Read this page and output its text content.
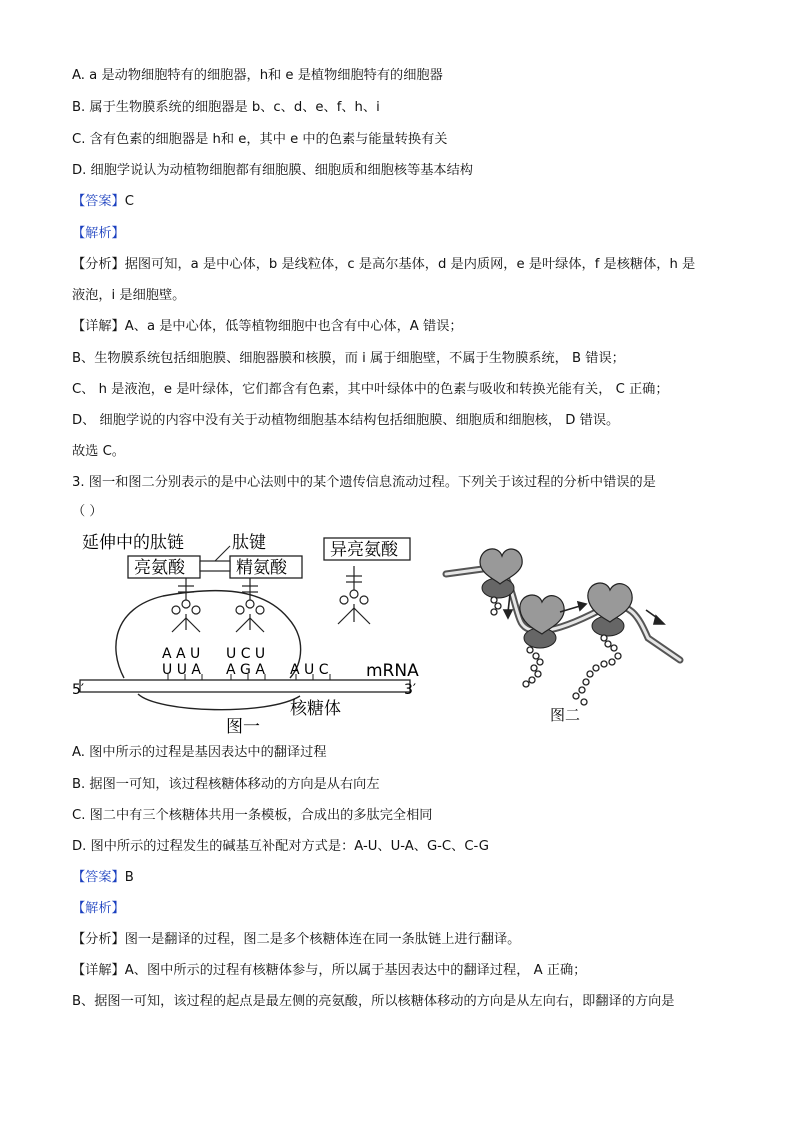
A. a 是动物细胞特有的细胞器，h和 e 是植物细胞特有的细胞器
B. 属于生物膜系统的细胞器是 b、c、d、e、f、h、i
C. 含有色素的细胞器是 h和 e，其中 e 中的色素与能量转换有关
D. 细胞学说认为动植物细胞都有细胞膜、细胞质和细胞核等基本结构
【答案】C
【解析】
【分析】据图可知，a 是中心体，b 是线粒体，c 是高尔基体，d 是内质网，e 是叶绿体，f 是核糖体，h 是
液泡，i 是细胞壁。
【详解】A、a 是中心体，低等植物细胞中也含有中心体，A 错误；
B、生物膜系统包括细胞膜、细胞器膜和核膜，而 i 属于细胞壁，不属于生物膜系统， B 错误；
C、 h 是液泡，e 是叶绿体，它们都含有色素，其中叶绿体中的色素与吸收和转换光能有关， C 正确；
D、 细胞学说的内容中没有关于动植物细胞基本结构包括细胞膜、细胞质和细胞核， D 错误。
故选 C。
3. 图一和图二分别表示的是中心法则中的某个遗传信息流动过程。下列关于该过程的分析中错误的是
（ ）
延伸中的肽链	肽键
亮氨酸	精氨酸
异亮氨酸
A A U U C U
U U A A G A A U C mRNA
5′	3′
核糖体
图一
图二
A. 图中所示的过程是基因表达中的翻译过程
B. 据图一可知，该过程核糖体移动的方向是从右向左
C. 图二中有三个核糖体共用一条模板，合成出的多肽完全相同
D. 图中所示的过程发生的碱基互补配对方式是：A-U、U-A、G-C、C-G
【答案】B
【解析】
【分析】图一是翻译的过程，图二是多个核糖体连在同一条肽链上进行翻译。
【详解】A、图中所示的过程有核糖体参与，所以属于基因表达中的翻译过程， A 正确；
B、据图一可知，该过程的起点是最左侧的亮氨酸，所以核糖体移动的方向是从左向右，即翻译的方向是
